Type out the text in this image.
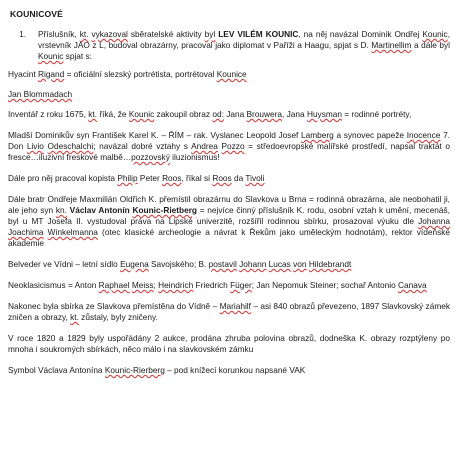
KOUNICOVÉ
1.	Příslušník, kt. vykazoval sběratelské aktivity byl LEV VILÉM KOUNIC, na něj navázal Dominik Ondřej Kounic, vrstevník JAO z L, budoval obrazárny, pracoval jako diplomat v Paříži a Haagu, spjat s D. Martinellim a dále byl Kounic spjat s:
Hyacint Rigand = oficiální slezský portrétista, portrétoval Kounice
Jan Blommadach
Inventář z roku 1675, kt. říká, že Kounic zakoupil obraz od: Jana Brouwera, Jana Huysman = rodinné portréty,
Mladší Dominikův syn František Karel K. – ŘÍM – rak. Vyslanec Leopold Josef Lamberg a synovec papeže Inocence 7. Don Livio Odeschalchi; navázal dobré vztahy s Andrea Pozzo = středoevropské malířské prostředí, napsal traktát o fresce…iluzivní freskové malbě…pozzovský iluzionismus!
Dále pro něj pracoval kopista Philip Peter Roos, říkal si Roos da Tivoli
Dále bratr Ondřeje Maxmilián Oldřich K. přemístil obrazárnu do Slavkova u Brna = rodinná obrazárna, ale neobohatil ji, ale jeho syn kn. Václav Antonín Kounic-Rietberg = nejvíce činný příslušník K. rodu, osobní vztah k umění, mecenáš, byl u MT Josefa II. vystudoval práva na Lipské univerzitě, rozšířil rodinnou sbírku, prosazoval výuku dle Johanna Joachima Winkelmanna (otec klasické archeologie a návrat k Řekům jako uměleckým hodnotám), rektor vídeňské akademie
Belveder ve Vídni – letní sídlo Eugena Savojského; B. postavil Johann Lucas von Hildebrandt
Neoklasicismus = Anton Raphael Meiss; Heindrich Friedrich Füger; Jan Nepomuk Steiner; sochař Antonio Canava
Nakonec byla sbírka ze Slavkova přemístěna do Vídně – Mariahilf – asi 840 obrazů převezeno, 1897 Slavkovský zámek zničen a obrazy, kt. zůstaly, byly zničeny.
V roce 1820 a 1829 byly uspořádány 2 aukce, prodána zhruba polovina obrazů, dodneška K. obrazy rozptýleny po mnoha i soukromých sbírkách, něco málo i na slavkovském zámku
Symbol Václava Antonína Kounic-Rierberg – pod knížecí korunkou napsané VAK
